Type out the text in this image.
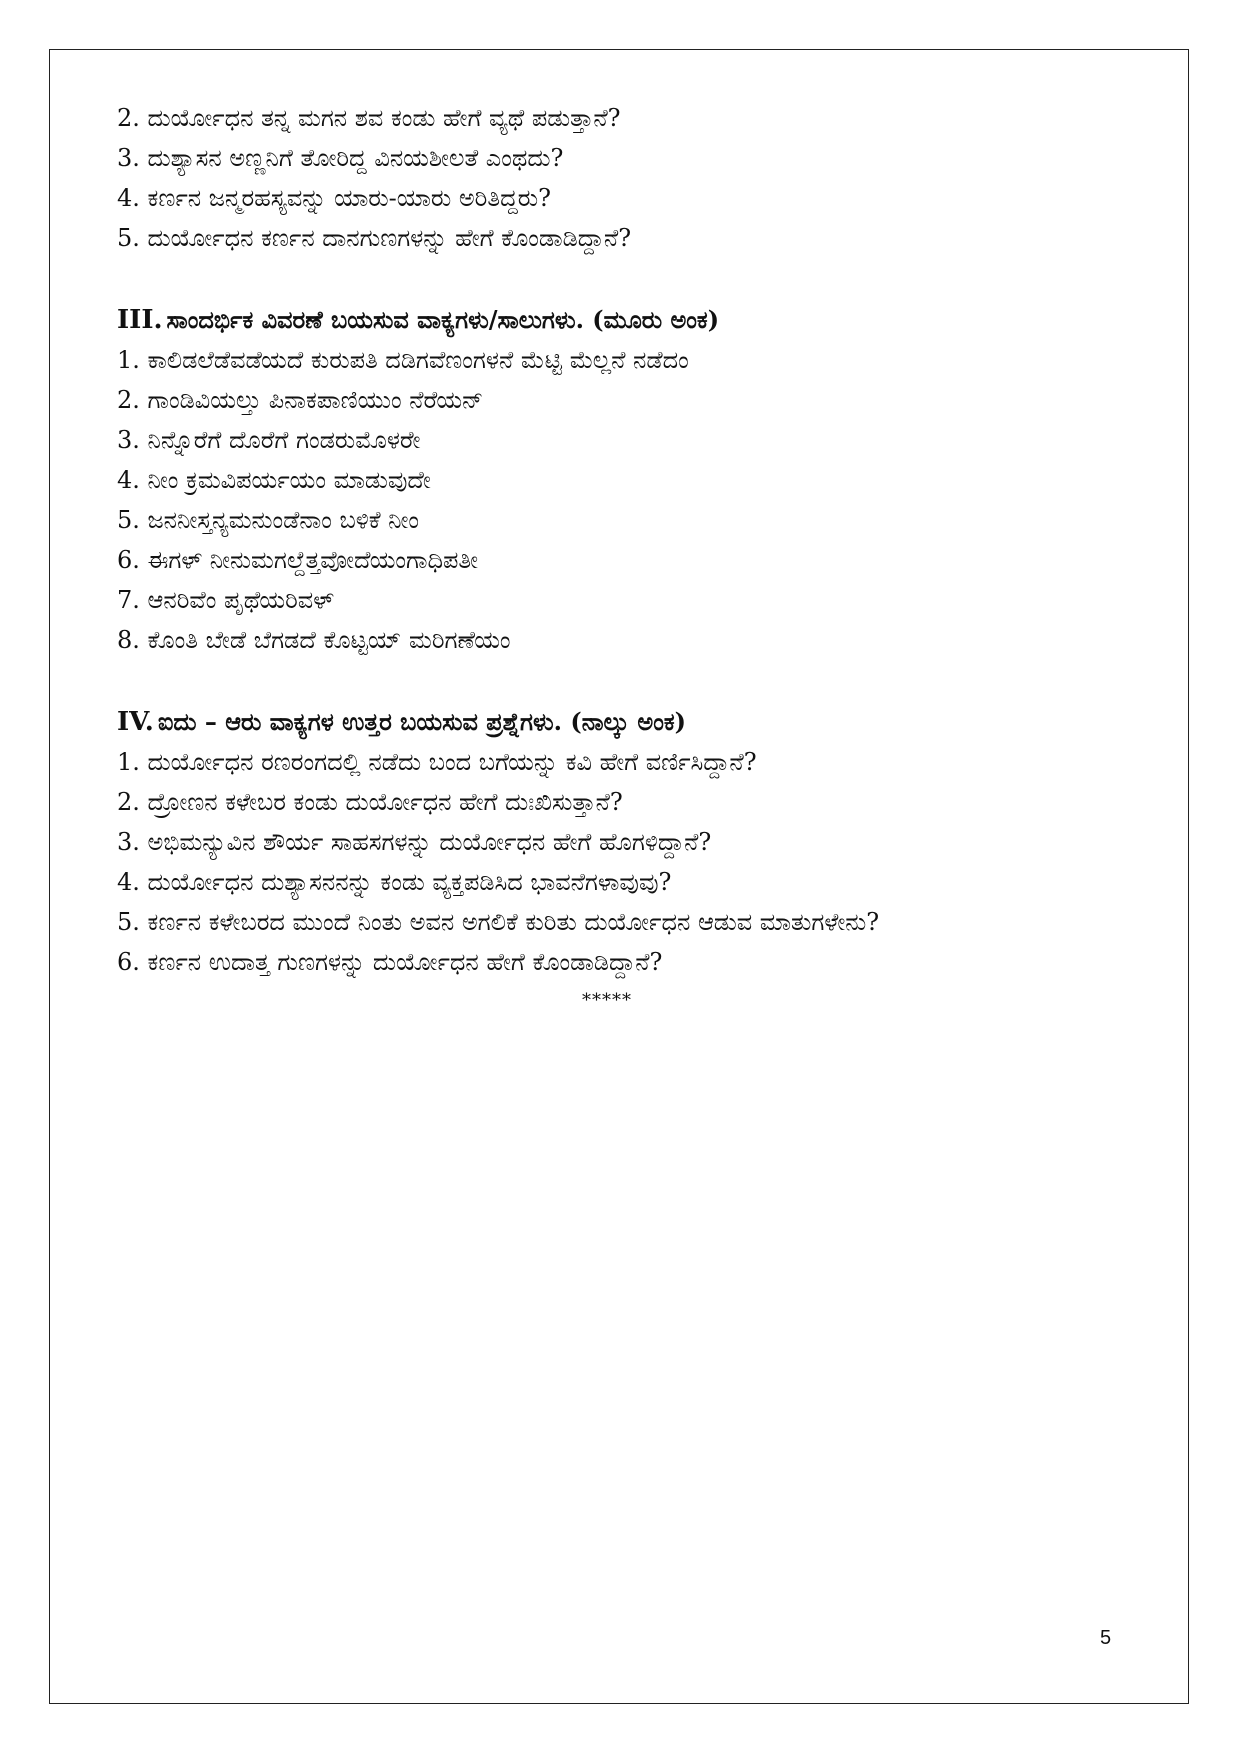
2. ದುರ್ಯೋಧನ ತನ್ನ ಮಗನ ಶವ ಕಂಡು ಹೇಗೆ ವ್ಯಥೆ ಪಡುತ್ತಾನೆ?
3. ದುಶ್ಯಾಸನ ಅಣ್ಣನಿಗೆ ತೋರಿದ್ದ ವಿನಯಶೀಲತೆ ಎಂಥದು?
4. ಕರ್ಣನ ಜನ್ಮರಹಸ್ಯವನ್ನು ಯಾರು-ಯಾರು ಅರಿತಿದ್ದರು?
5. ದುರ್ಯೋಧನ ಕರ್ಣನ ದಾನಗುಣಗಳನ್ನು ಹೇಗೆ ಕೊಂಡಾಡಿದ್ದಾನೆ?
III. ಸಾಂದರ್ಭಿಕ ವಿವರಣೆ ಬಯಸುವ ವಾಕ್ಯಗಳು/ಸಾಲುಗಳು. (ಮೂರು ಅಂಕ)
1. ಕಾಲಿಡಲೆಡೆವಡೆಯದೆ ಕುರುಪತಿ ದಡಿಗವೆಣಂಗಳನೆ ಮೆಟ್ಟಿ ಮೆಲ್ಲನೆ ನಡೆದಂ
2. ಗಾಂಡಿವಿಯಲ್ತು ಪಿನಾಕಪಾಣಿಯುಂ ನೆರೆಯನ್
3. ನಿನ್ನೊರೆಗೆ ದೊರೆಗೆ ಗಂಡರುಮೊಳರೇ
4. ನೀಂ ಕ್ರಮವಿಪರ್ಯಯಂ ಮಾಡುವುದೇ
5. ಜನನೀಸ್ತನ್ಯಮನುಂಡೆನಾಂ ಬಳಿಕೆ ನೀಂ
6. ಈಗಳ್ ನೀನುಮಗಲ್ದೆತ್ತವೋದೆಯಂಗಾಧಿಪತೀ
7. ಆನರಿವೆಂ ಪೃಥೆಯರಿವಳ್
8. ಕೊಂತಿ ಬೇಡೆ ಬೆಗಡದೆ ಕೊಟ್ಟಯ್ ಮರಿಗಣೆಯಂ
IV. ಐದು – ಆರು ವಾಕ್ಯಗಳ ಉತ್ತರ ಬಯಸುವ ಪ್ರಶ್ನೆಗಳು. (ನಾಲ್ಕು ಅಂಕ)
1. ದುರ್ಯೋಧನ ರಣರಂಗದಲ್ಲಿ ನಡೆದು ಬಂದ ಬಗೆಯನ್ನು ಕವಿ ಹೇಗೆ ವರ್ಣಿಸಿದ್ದಾನೆ?
2. ದ್ರೋಣನ ಕಳೇಬರ ಕಂಡು ದುರ್ಯೋಧನ ಹೇಗೆ ದುಃಖಿಸುತ್ತಾನೆ?
3. ಅಭಿಮನ್ಯುವಿನ ಶೌರ್ಯ ಸಾಹಸಗಳನ್ನು ದುರ್ಯೋಧನ ಹೇಗೆ ಹೊಗಳಿದ್ದಾನೆ?
4. ದುರ್ಯೋಧನ ದುಶ್ಯಾಸನನನ್ನು ಕಂಡು ವ್ಯಕ್ತಪಡಿಸಿದ ಭಾವನೆಗಳಾವುವು?
5. ಕರ್ಣನ ಕಳೇಬರದ ಮುಂದೆ ನಿಂತು ಅವನ ಅಗಲಿಕೆ ಕುರಿತು ದುರ್ಯೋಧನ ಆಡುವ ಮಾತುಗಳೇನು?
6. ಕರ್ಣನ ಉದಾತ್ತ ಗುಣಗಳನ್ನು ದುರ್ಯೋಧನ ಹೇಗೆ ಕೊಂಡಾಡಿದ್ದಾನೆ?
*****
5
